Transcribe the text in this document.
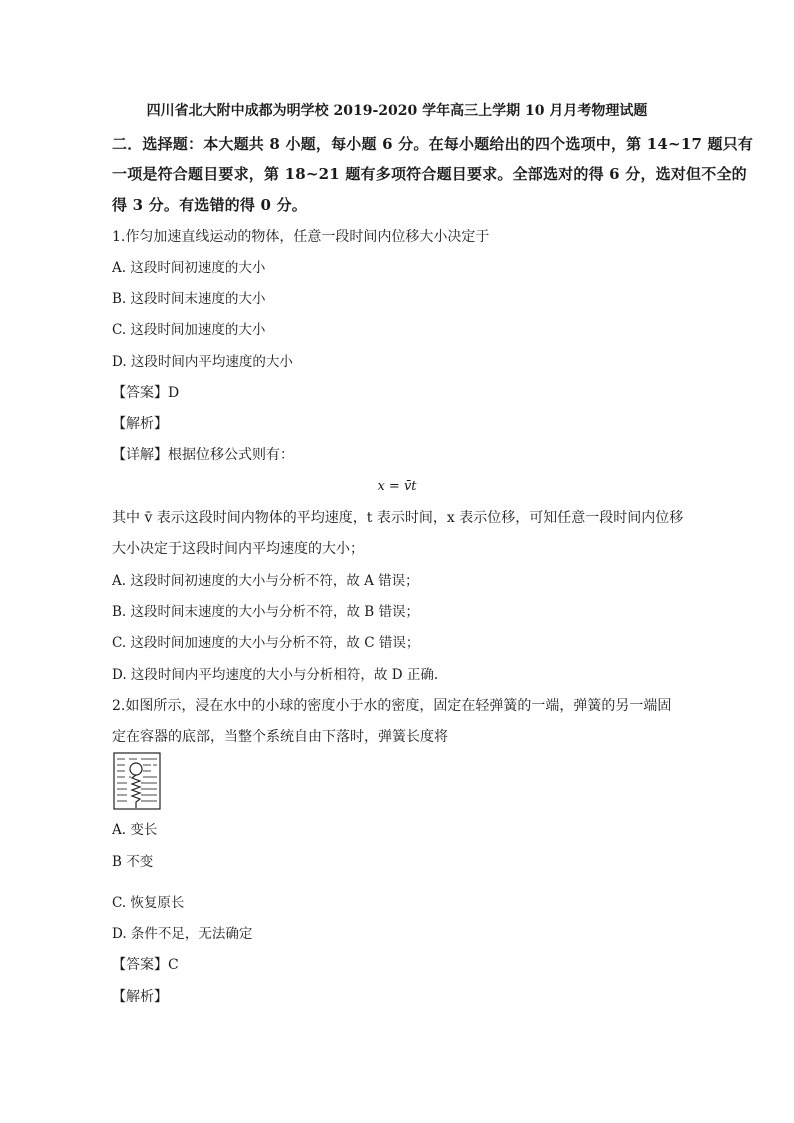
四川省北大附中成都为明学校 2019-2020 学年高三上学期 10 月月考物理试题
二．选择题：本大题共 8 小题，每小题 6 分。在每小题给出的四个选项中，第 14~17 题只有
一项是符合题目要求，第 18~21 题有多项符合题目要求。全部选对的得 6 分，选对但不全的
得 3 分。有选错的得 0 分。
1.作匀加速直线运动的物体，任意一段时间内位移大小决定于
A. 这段时间初速度的大小
B. 这段时间末速度的大小
C. 这段时间加速度的大小
D. 这段时间内平均速度的大小
【答案】D
【解析】
【详解】根据位移公式则有：
x = v̄t
其中 v̄ 表示这段时间内物体的平均速度，t 表示时间，x 表示位移，可知任意一段时间内位移
大小决定于这段时间内平均速度的大小；
A. 这段时间初速度的大小与分析不符，故 A 错误；
B. 这段时间末速度的大小与分析不符，故 B 错误；
C. 这段时间加速度的大小与分析不符，故 C 错误；
D. 这段时间内平均速度的大小与分析相符，故 D 正确.
2.如图所示，浸在水中的小球的密度小于水的密度，固定在轻弹簧的一端，弹簧的另一端固
定在容器的底部，当整个系统自由下落时，弹簧长度将
A. 变长
B 不变
C. 恢复原长
D. 条件不足，无法确定
【答案】C
【解析】
